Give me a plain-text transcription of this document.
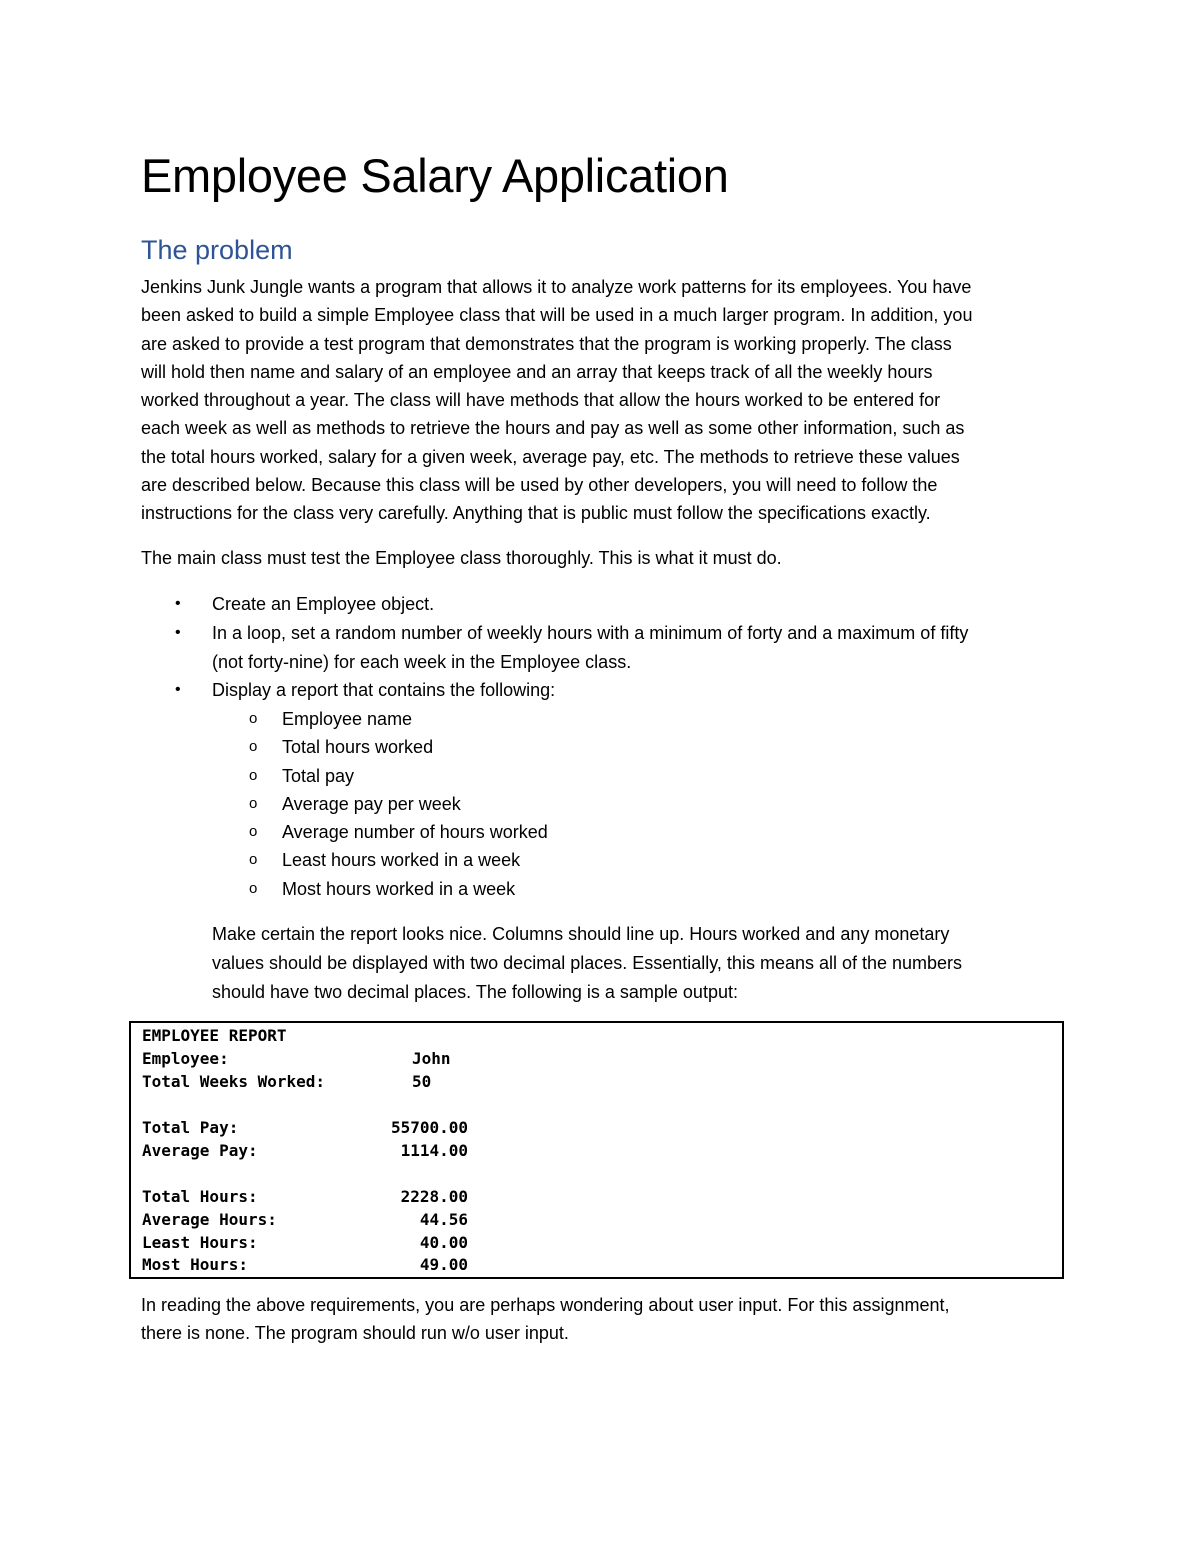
Employee Salary Application
The problem

Jenkins Junk Jungle wants a program that allows it to analyze work patterns for its employees. You have
been asked to build a simple Employee class that will be used in a much larger program. In addition, you
are asked to provide a test program that demonstrates that the program is working properly. The class
will hold then name and salary of an employee and an array that keeps track of all the weekly hours
worked throughout a year. The class will have methods that allow the hours worked to be entered for
each week as well as methods to retrieve the hours and pay as well as some other information, such as
the total hours worked, salary for a given week, average pay, etc. The methods to retrieve these values
are described below. Because this class will be used by other developers, you will need to follow the
instructions for the class very carefully. Anything that is public must follow the specifications exactly.

The main class must test the Employee class thoroughly. This is what it must do.

• Create an Employee object.
• In a loop, set a random number of weekly hours with a minimum of forty and a maximum of fifty
(not forty-nine) for each week in the Employee class.
• Display a report that contains the following:
o Employee name
o Total hours worked
o Total pay
o Average pay per week
o Average number of hours worked
o Least hours worked in a week
o Most hours worked in a week

Make certain the report looks nice. Columns should line up. Hours worked and any monetary
values should be displayed with two decimal places. Essentially, this means all of the numbers
should have two decimal places. The following is a sample output:

EMPLOYEE REPORT

Employee:

	John

Total Weeks Worked:

	50

Total Pay:

	55700.00

Average Pay:

	1114.00

Total Hours:

	2228.00

Average Hours:

	44.56

Least Hours:

	40.00

Most Hours:

	49.00

In reading the above requirements, you are perhaps wondering about user input. For this assignment,
there is none. The program should run w/o user input.
